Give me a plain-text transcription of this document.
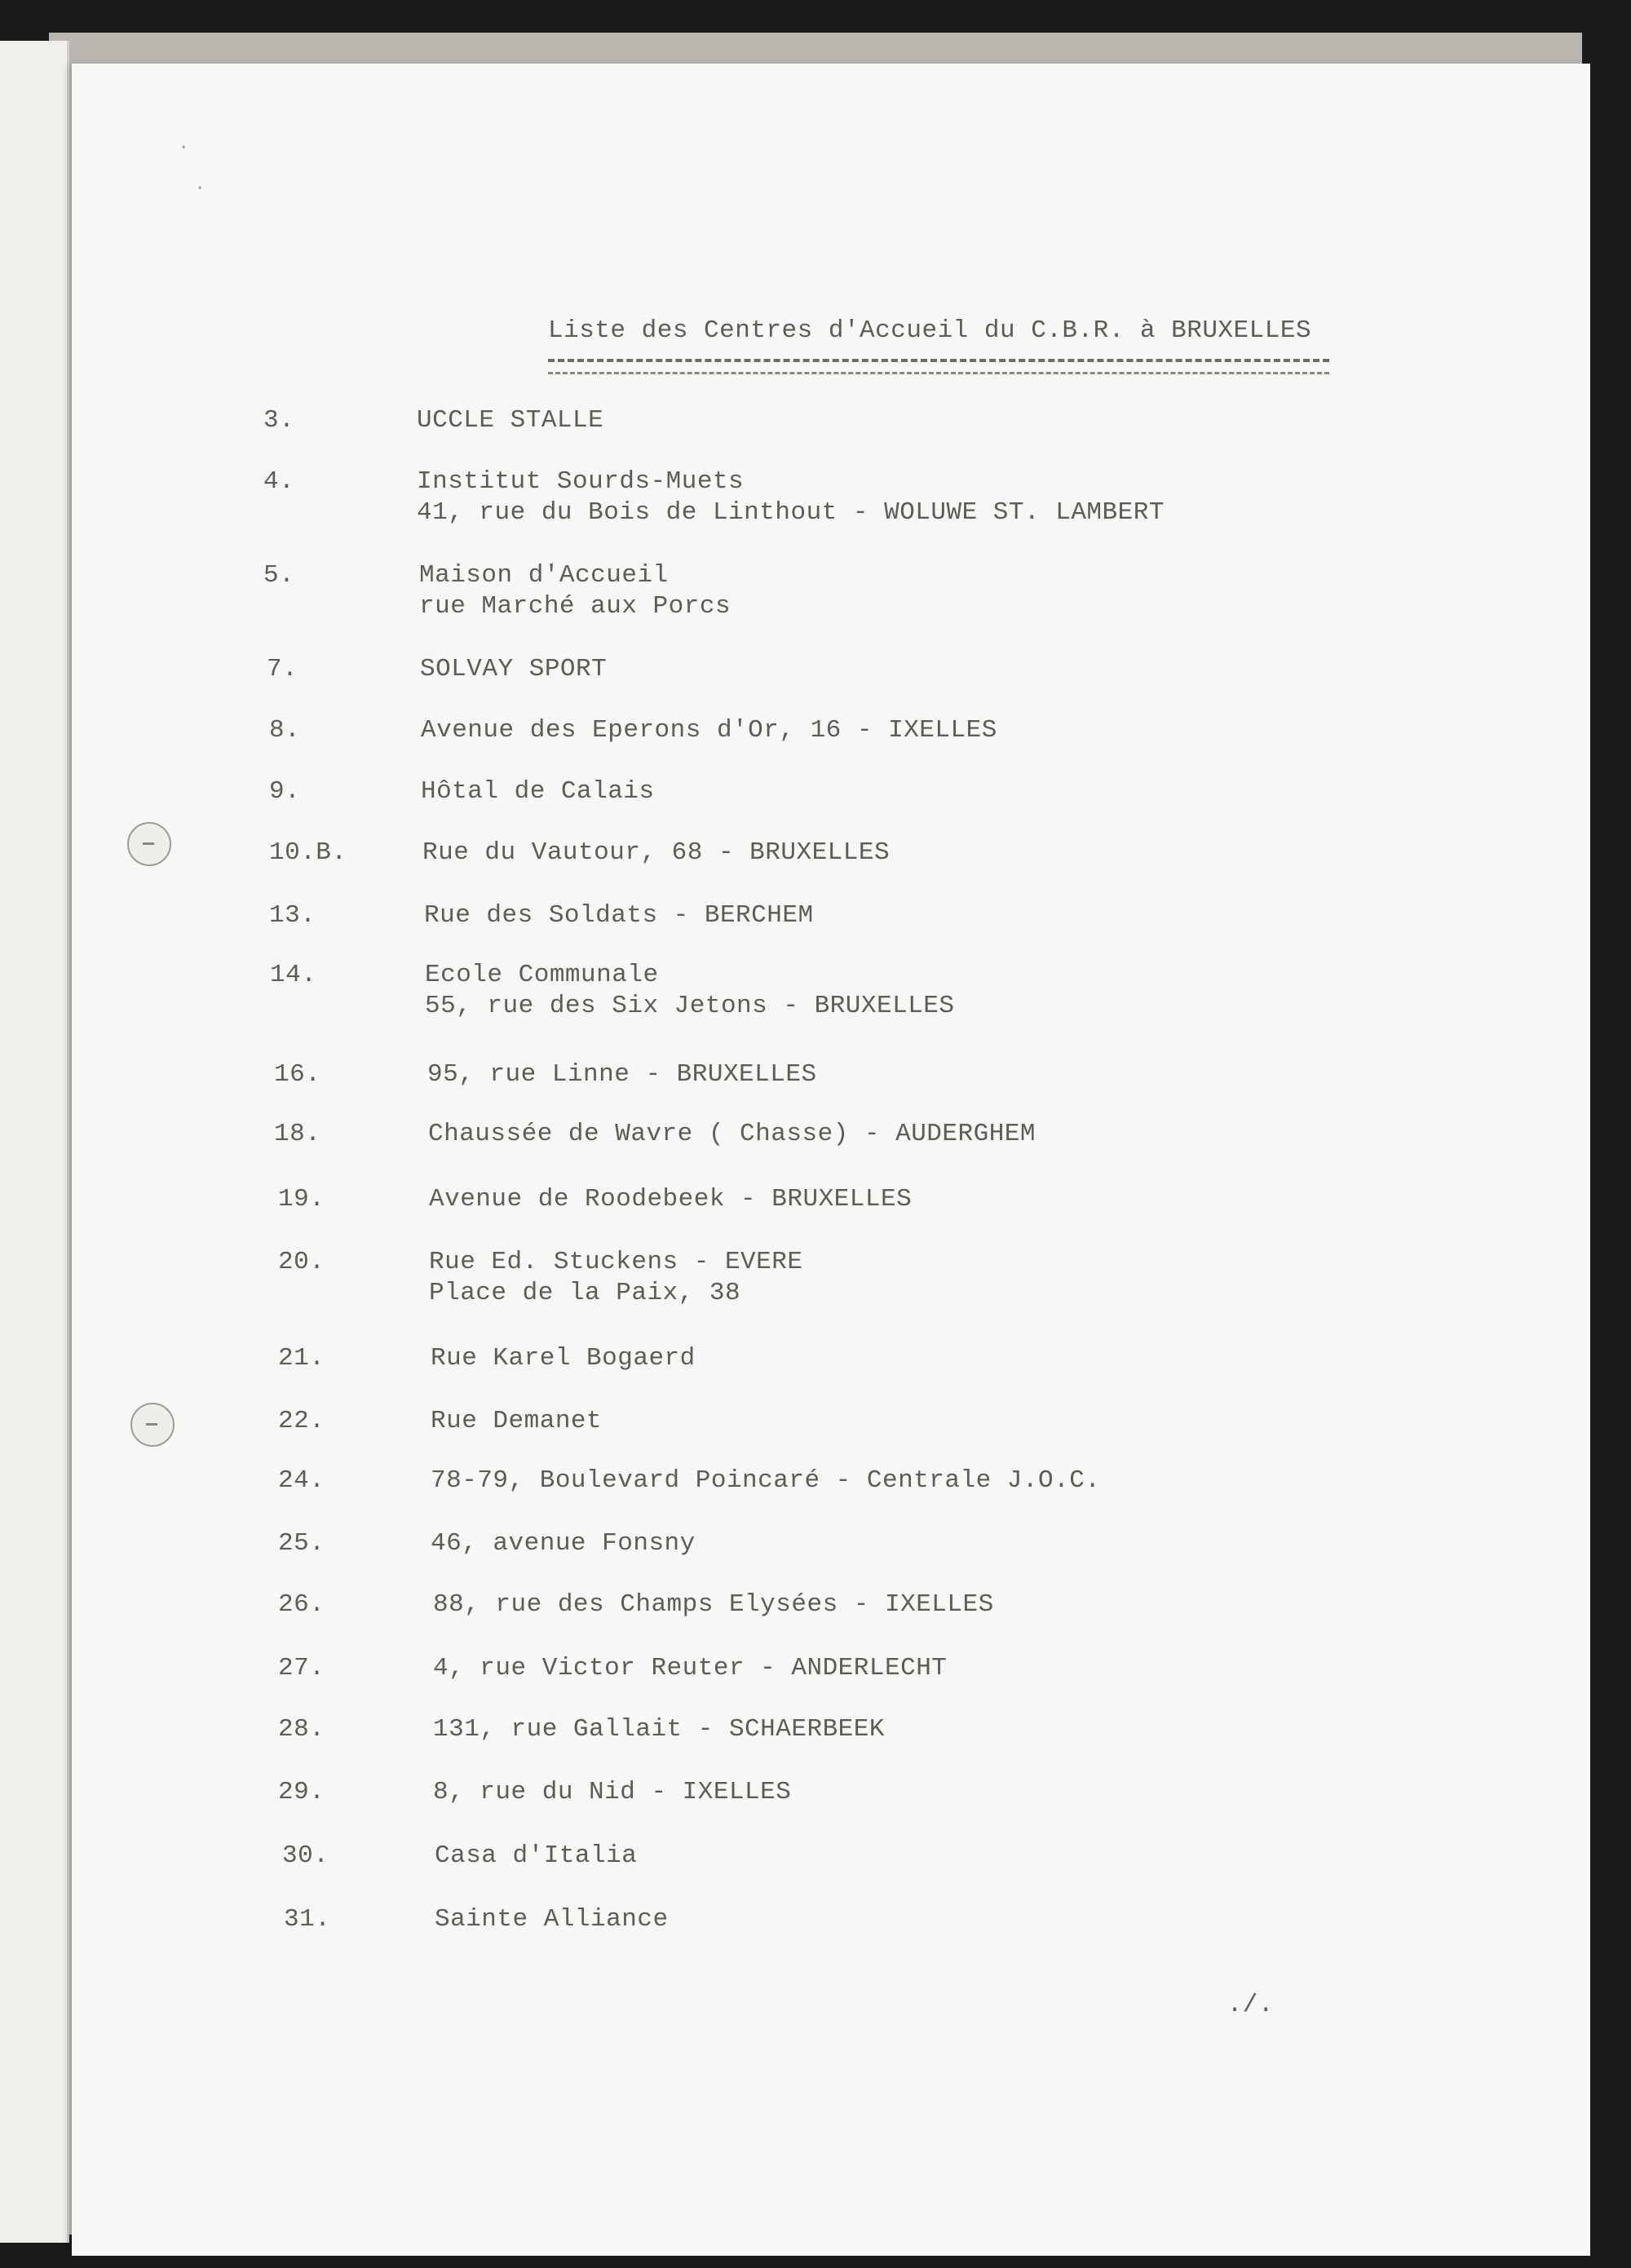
·
·
Liste des Centres d'Accueil du C.B.R. à BRUXELLES
3.	UCCLE STALLE
4.	Institut Sourds-Muets
41, rue du Bois de Linthout - WOLUWE ST. LAMBERT
5.	Maison d'Accueil
rue Marché aux Porcs
7.	SOLVAY SPORT
8.	Avenue des Eperons d'Or, 16 - IXELLES
9.	Hôtal de Calais
10.B.	Rue du Vautour, 68 - BRUXELLES
13.	Rue des Soldats - BERCHEM
14.	Ecole Communale
55, rue des Six Jetons - BRUXELLES
16.	95, rue Linne - BRUXELLES
18.	Chaussée de Wavre ( Chasse) - AUDERGHEM
19.	Avenue de Roodebeek - BRUXELLES
20.	Rue Ed. Stuckens - EVERE
Place de la Paix, 38
21.	Rue Karel Bogaerd
22.	Rue Demanet
24.	78-79, Boulevard Poincaré - Centrale J.O.C.
25.	46, avenue Fonsny
26.	88, rue des Champs Elysées - IXELLES
27.	4, rue Victor Reuter - ANDERLECHT
28.	131, rue Gallait - SCHAERBEEK
29.	8, rue du Nid - IXELLES
30.	Casa d'Italia
31.	Sainte Alliance
./.
